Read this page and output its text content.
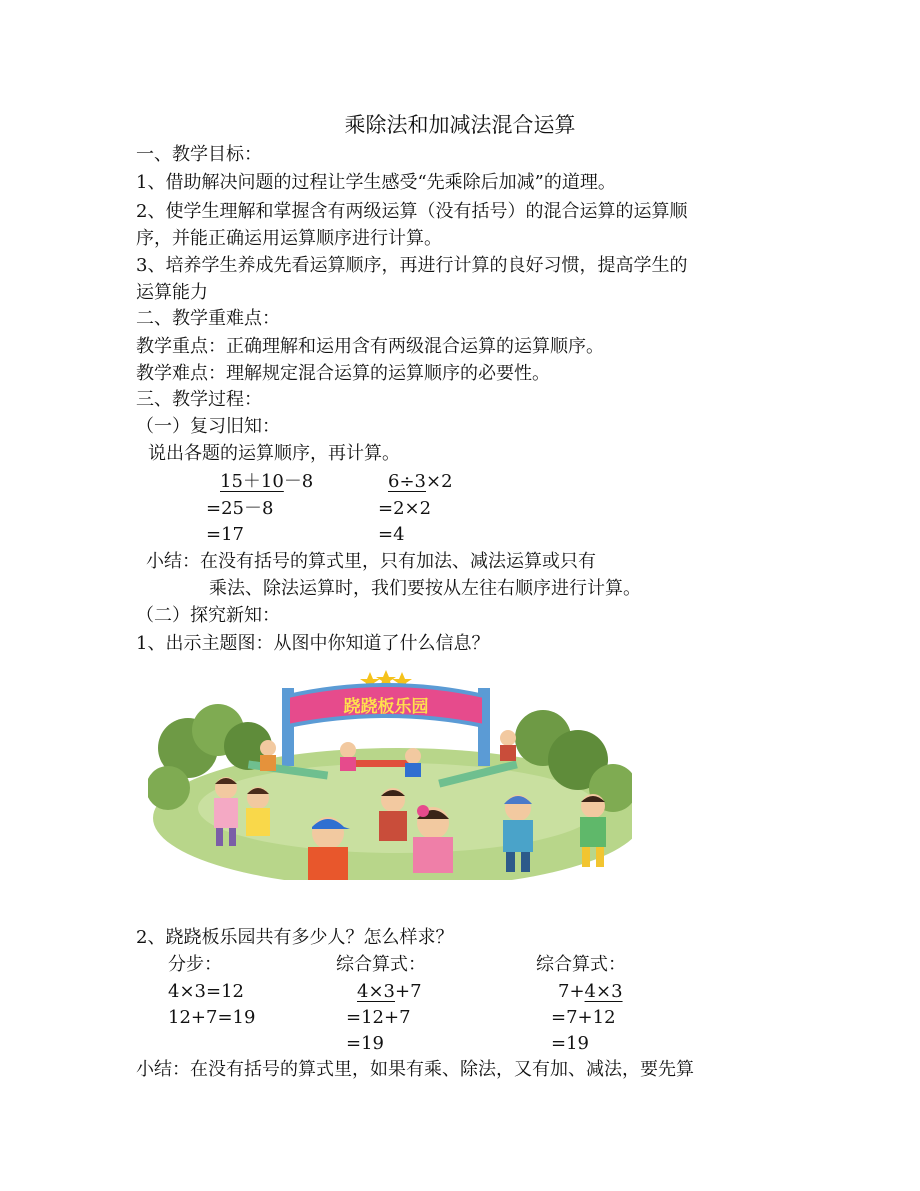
乘除法和加减法混合运算
一、教学目标：
1、借助解决问题的过程让学生感受“先乘除后加减”的道理。
2、使学生理解和掌握含有两级运算（没有括号）的混合运算的运算顺
序，并能正确运用运算顺序进行计算。
3、培养学生养成先看运算顺序，再进行计算的良好习惯，提高学生的
运算能力
二、教学重难点：
教学重点：正确理解和运用含有两级混合运算的运算顺序。
教学难点：理解规定混合运算的运算顺序的必要性。
三、教学过程：
（一）复习旧知：
说出各题的运算顺序，再计算。
15＋10－8
=25－8
=17
6÷3×2
=2×2
=4
小结：在没有括号的算式里，只有加法、减法运算或只有
乘法、除法运算时，我们要按从左往右顺序进行计算。
（二）探究新知：
1、出示主题图：从图中你知道了什么信息？
跷跷板乐园
2、跷跷板乐园共有多少人？怎么样求？
分步：	综合算式：	综合算式：
4×3=12
12+7=19
4×3+7
=12+7
=19
7+4×3
=7+12
=19
小结：在没有括号的算式里，如果有乘、除法，又有加、减法，要先算
